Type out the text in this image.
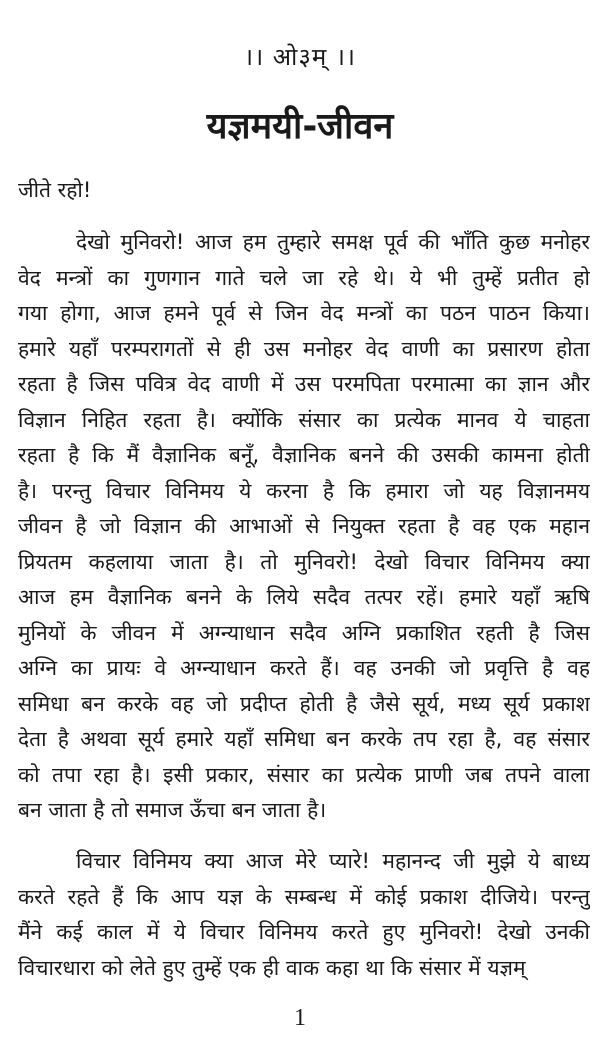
।। ओ३म् ।।
यज्ञमयी-जीवन
जीते रहो!
देखो मुनिवरो! आज हम तुम्हारे समक्ष पूर्व की भाँति कुछ मनोहर
वेद मन्त्रों का गुणगान गाते चले जा रहे थे। ये भी तुम्हें प्रतीत हो
गया होगा, आज हमने पूर्व से जिन वेद मन्त्रों का पठन पाठन किया।
हमारे यहाँ परम्परागतों से ही उस मनोहर वेद वाणी का प्रसारण होता
रहता है जिस पवित्र वेद वाणी में उस परमपिता परमात्मा का ज्ञान और
विज्ञान निहित रहता है। क्योंकि संसार का प्रत्येक मानव ये चाहता
रहता है कि मैं वैज्ञानिक बनूँ, वैज्ञानिक बनने की उसकी कामना होती
है। परन्तु विचार विनिमय ये करना है कि हमारा जो यह विज्ञानमय
जीवन है जो विज्ञान की आभाओं से नियुक्त रहता है वह एक महान
प्रियतम कहलाया जाता है। तो मुनिवरो! देखो विचार विनिमय क्या
आज हम वैज्ञानिक बनने के लिये सदैव तत्पर रहें। हमारे यहाँ ऋषि
मुनियों के जीवन में अग्न्याधान सदैव अग्नि प्रकाशित रहती है जिस
अग्नि का प्रायः वे अग्न्याधान करते हैं। वह उनकी जो प्रवृत्ति है वह
समिधा बन करके वह जो प्रदीप्त होती है जैसे सूर्य, मध्य सूर्य प्रकाश
देता है अथवा सूर्य हमारे यहाँ समिधा बन करके तप रहा है, वह संसार
को तपा रहा है। इसी प्रकार, संसार का प्रत्येक प्राणी जब तपने वाला
बन जाता है तो समाज ऊँचा बन जाता है।
विचार विनिमय क्या आज मेरे प्यारे! महानन्द जी मुझे ये बाध्य
करते रहते हैं कि आप यज्ञ के सम्बन्ध में कोई प्रकाश दीजिये। परन्तु
मैंने कई काल में ये विचार विनिमय करते हुए मुनिवरो! देखो उनकी
विचारधारा को लेते हुए तुम्हें एक ही वाक कहा था कि संसार में यज्ञम्
1
